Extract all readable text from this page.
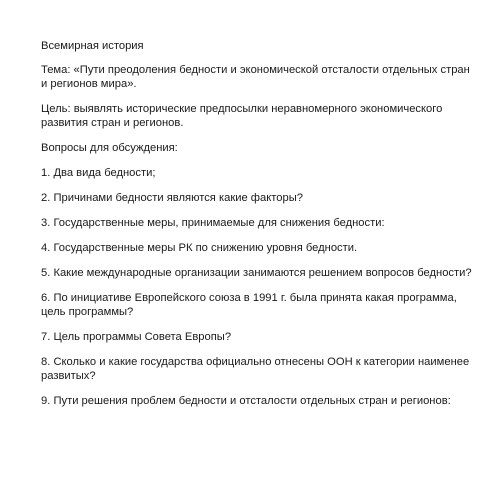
Всемирная история

Тема: «Пути преодоления бедности и экономической отсталости отдельных стран
и регионов мира».

Цель: выявлять исторические предпосылки неравномерного экономического
развития стран и регионов.

Вопросы для обсуждения:

1. Два вида бедности;

2. Причинами бедности являются какие факторы?

3. Государственные меры, принимаемые для снижения бедности:

4. Государственные меры РК по снижению уровня бедности.

5. Какие международные организации занимаются решением вопросов бедности?

6. По инициативе Европейского союза в 1991 г. была принята какая программа,
цель программы?

7. Цель программы Совета Европы?

8. Сколько и какие государства официально отнесены ООН к категории наименее
развитых?

9. Пути решения проблем бедности и отсталости отдельных стран и регионов:
